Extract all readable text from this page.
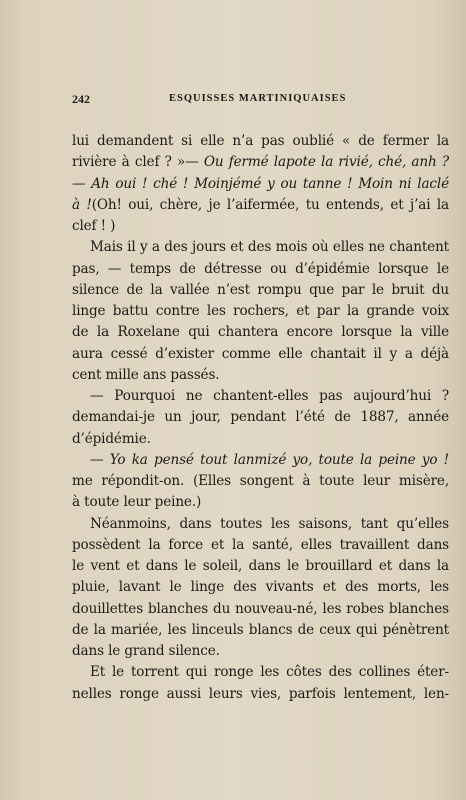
242	ESQUISSES MARTINIQUAISES
lui demandent si elle n’a pas oublié « de fermer la
rivière à clef ? »— Ou fermé lapote la rivié, ché, anh ?
— Ah oui ! ché ! Moinjémé y ou tanne ! Moin ni laclé
à !(Oh! oui, chère, je l’aifermée, tu entends, et j’ai la
clef ! )
Mais il y a des jours et des mois où elles ne chantent
pas, — temps de détresse ou d’épidémie lorsque le
silence de la vallée n’est rompu que par le bruit du
linge battu contre les rochers, et par la grande voix
de la Roxelane qui chantera encore lorsque la ville
aura cessé d’exister comme elle chantait il y a déjà
cent mille ans passés.
— Pourquoi ne chantent-elles pas aujourd’hui ?
demandai-je un jour, pendant l’été de 1887, année
d’épidémie.
— Yo ka pensé tout lanmizé yo, toute la peine yo !
me répondit-on. (Elles songent à toute leur misère,
à toute leur peine.)
Néanmoins, dans toutes les saisons, tant qu’elles
possèdent la force et la santé, elles travaillent dans
le vent et dans le soleil, dans le brouillard et dans la
pluie, lavant le linge des vivants et des morts, les
douillettes blanches du nouveau-né, les robes blanches
de la mariée, les linceuls blancs de ceux qui pénètrent
dans le grand silence.
Et le torrent qui ronge les côtes des collines éter-
nelles ronge aussi leurs vies, parfois lentement, len-
